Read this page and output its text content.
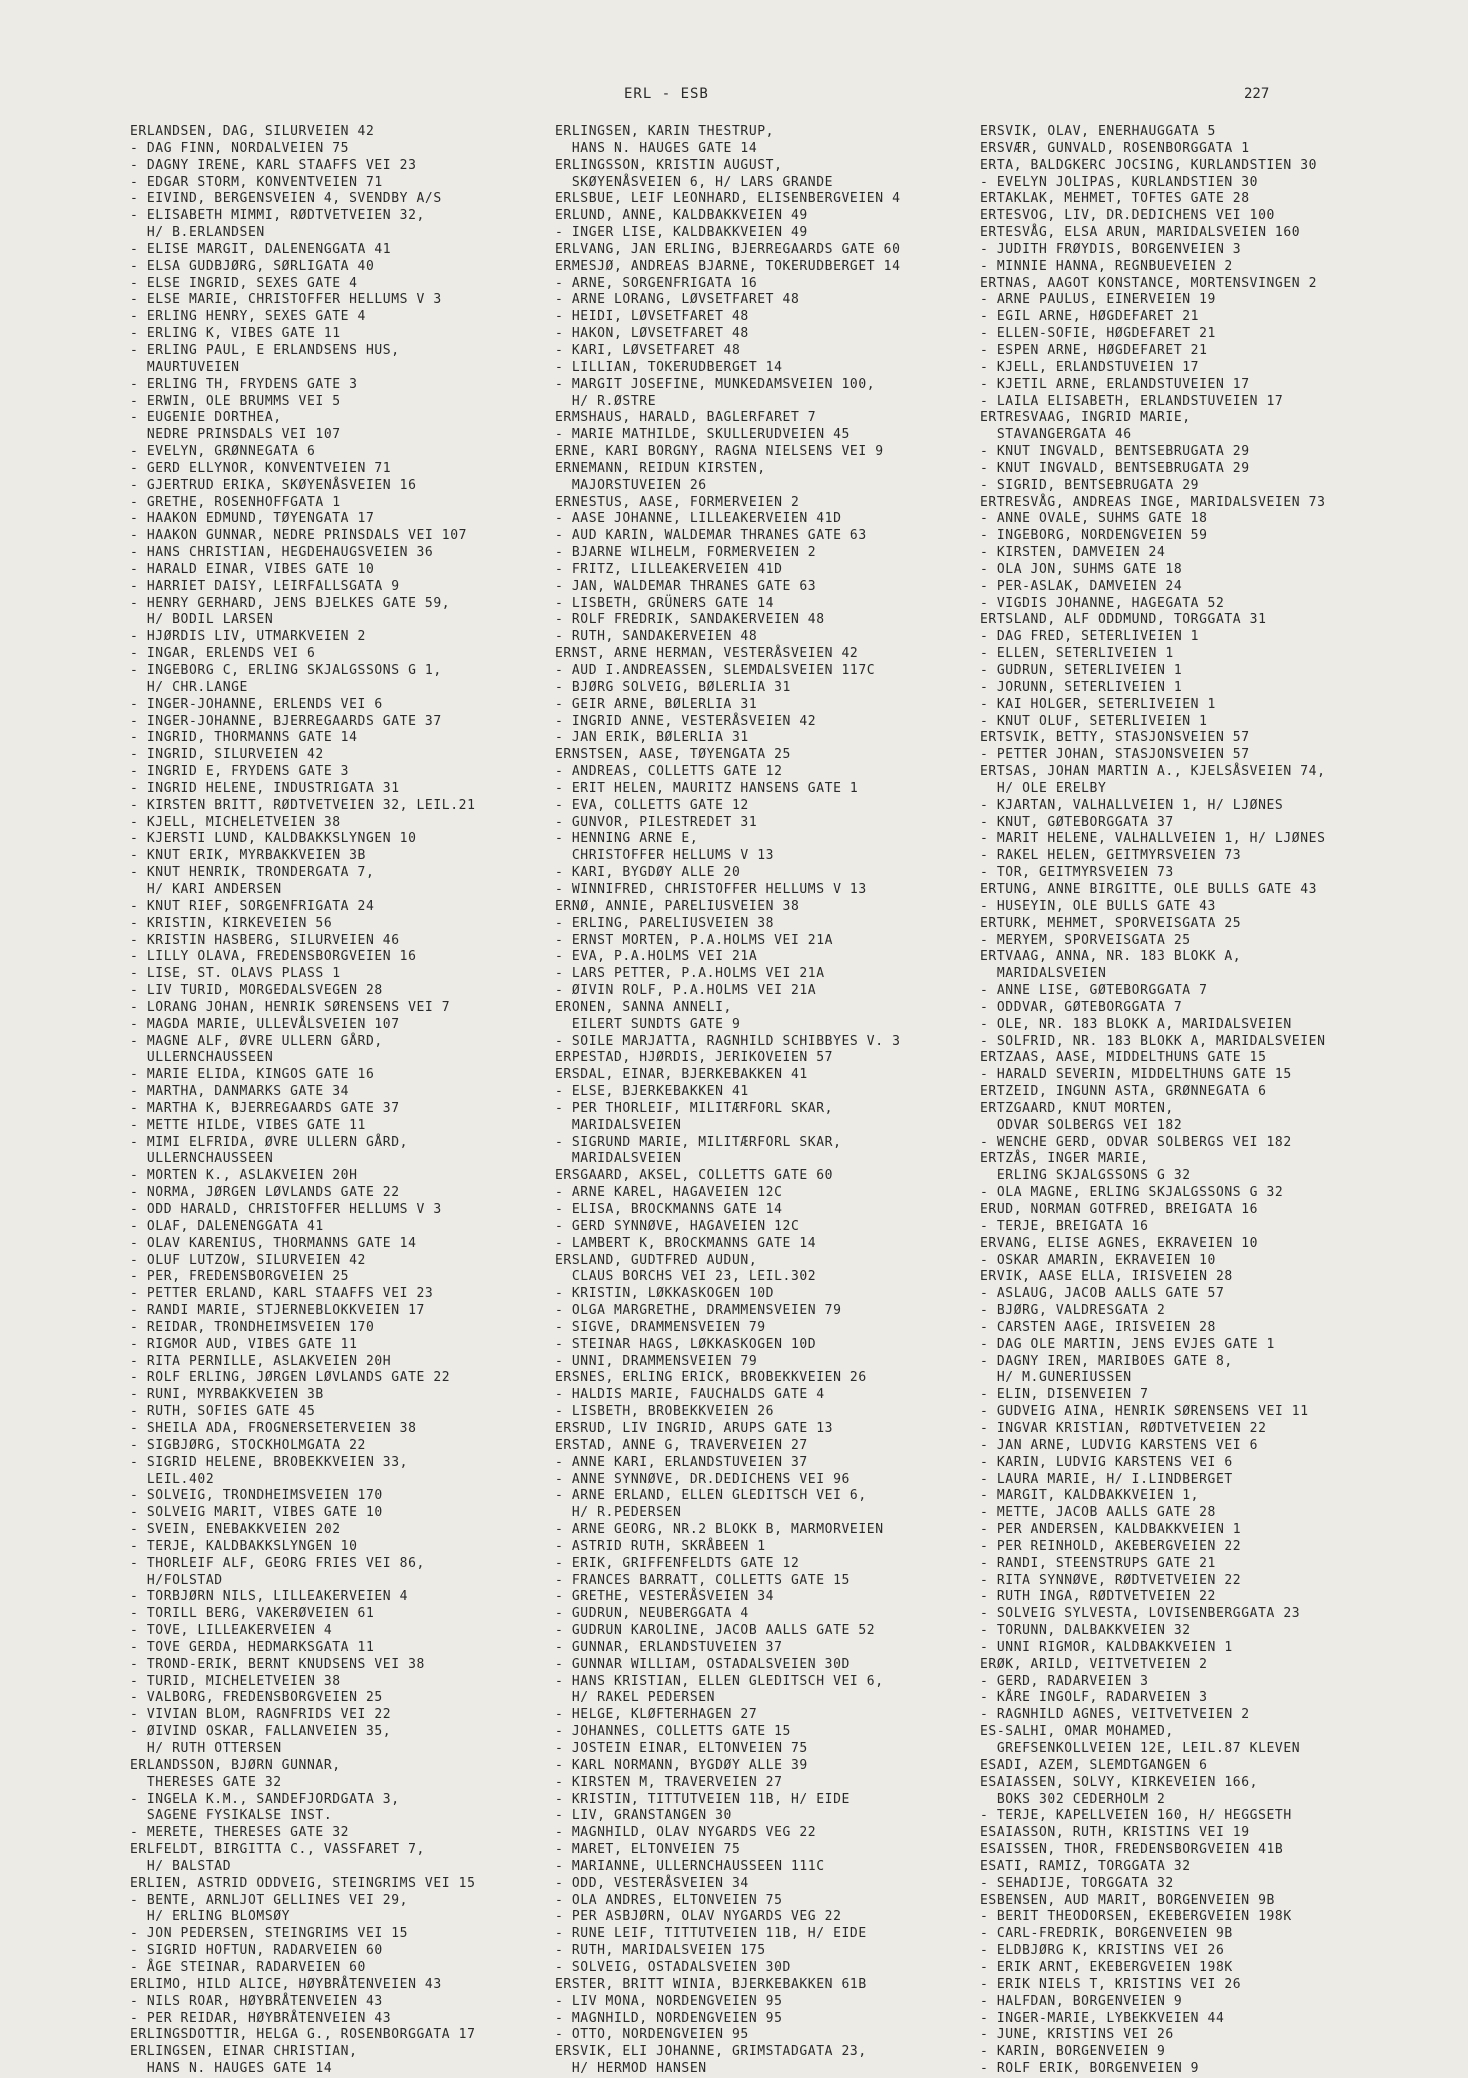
ERL - ESB	227
ERLANDSEN, DAG, SILURVEIEN 42
- DAG FINN, NORDALVEIEN 75
- DAGNY IRENE, KARL STAAFFS VEI 23
- EDGAR STORM, KONVENTVEIEN 71
- EIVIND, BERGENSVEIEN 4, SVENDBY A/S
- ELISABETH MIMMI, RØDTVETVEIEN 32,
H/ B.ERLANDSEN
- ELISE MARGIT, DALENENGGATA 41
- ELSA GUDBJØRG, SØRLIGATA 40
- ELSE INGRID, SEXES GATE 4
- ELSE MARIE, CHRISTOFFER HELLUMS V 3
- ERLING HENRY, SEXES GATE 4
- ERLING K, VIBES GATE 11
- ERLING PAUL, E ERLANDSENS HUS,
MAURTUVEIEN
- ERLING TH, FRYDENS GATE 3
- ERWIN, OLE BRUMMS VEI 5
- EUGENIE DORTHEA,
NEDRE PRINSDALS VEI 107
- EVELYN, GRØNNEGATA 6
- GERD ELLYNOR, KONVENTVEIEN 71
- GJERTRUD ERIKA, SKØYENÅSVEIEN 16
- GRETHE, ROSENHOFFGATA 1
- HAAKON EDMUND, TØYENGATA 17
- HAAKON GUNNAR, NEDRE PRINSDALS VEI 107
- HANS CHRISTIAN, HEGDEHAUGSVEIEN 36
- HARALD EINAR, VIBES GATE 10
- HARRIET DAISY, LEIRFALLSGATA 9
- HENRY GERHARD, JENS BJELKES GATE 59,
H/ BODIL LARSEN
- HJØRDIS LIV, UTMARKVEIEN 2
- INGAR, ERLENDS VEI 6
- INGEBORG C, ERLING SKJALGSSONS G 1,
H/ CHR.LANGE
- INGER-JOHANNE, ERLENDS VEI 6
- INGER-JOHANNE, BJERREGAARDS GATE 37
- INGRID, THORMANNS GATE 14
- INGRID, SILURVEIEN 42
- INGRID E, FRYDENS GATE 3
- INGRID HELENE, INDUSTRIGATA 31
- KIRSTEN BRITT, RØDTVETVEIEN 32, LEIL.21
- KJELL, MICHELETVEIEN 38
- KJERSTI LUND, KALDBAKKSLYNGEN 10
- KNUT ERIK, MYRBAKKVEIEN 3B
- KNUT HENRIK, TRONDERGATA 7,
H/ KARI ANDERSEN
- KNUT RIEF, SORGENFRIGATA 24
- KRISTIN, KIRKEVEIEN 56
- KRISTIN HASBERG, SILURVEIEN 46
- LILLY OLAVA, FREDENSBORGVEIEN 16
- LISE, ST. OLAVS PLASS 1
- LIV TURID, MORGEDALSVEGEN 28
- LORANG JOHAN, HENRIK SØRENSENS VEI 7
- MAGDA MARIE, ULLEVÅLSVEIEN 107
- MAGNE ALF, ØVRE ULLERN GÅRD,
ULLERNCHAUSSEEN
- MARIE ELIDA, KINGOS GATE 16
- MARTHA, DANMARKS GATE 34
- MARTHA K, BJERREGAARDS GATE 37
- METTE HILDE, VIBES GATE 11
- MIMI ELFRIDA, ØVRE ULLERN GÅRD,
ULLERNCHAUSSEEN
- MORTEN K., ASLAKVEIEN 20H
- NORMA, JØRGEN LØVLANDS GATE 22
- ODD HARALD, CHRISTOFFER HELLUMS V 3
- OLAF, DALENENGGATA 41
- OLAV KARENIUS, THORMANNS GATE 14
- OLUF LUTZOW, SILURVEIEN 42
- PER, FREDENSBORGVEIEN 25
- PETTER ERLAND, KARL STAAFFS VEI 23
- RANDI MARIE, STJERNEBLOKKVEIEN 17
- REIDAR, TRONDHEIMSVEIEN 170
- RIGMOR AUD, VIBES GATE 11
- RITA PERNILLE, ASLAKVEIEN 20H
- ROLF ERLING, JØRGEN LØVLANDS GATE 22
- RUNI, MYRBAKKVEIEN 3B
- RUTH, SOFIES GATE 45
- SHEILA ADA, FROGNERSETERVEIEN 38
- SIGBJØRG, STOCKHOLMGATA 22
- SIGRID HELENE, BROBEKKVEIEN 33,
LEIL.402
- SOLVEIG, TRONDHEIMSVEIEN 170
- SOLVEIG MARIT, VIBES GATE 10
- SVEIN, ENEBAKKVEIEN 202
- TERJE, KALDBAKKSLYNGEN 10
- THORLEIF ALF, GEORG FRIES VEI 86,
H/FOLSTAD
- TORBJØRN NILS, LILLEAKERVEIEN 4
- TORILL BERG, VAKERØVEIEN 61
- TOVE, LILLEAKERVEIEN 4
- TOVE GERDA, HEDMARKSGATA 11
- TROND-ERIK, BERNT KNUDSENS VEI 38
- TURID, MICHELETVEIEN 38
- VALBORG, FREDENSBORGVEIEN 25
- VIVIAN BLOM, RAGNFRIDS VEI 22
- ØIVIND OSKAR, FALLANVEIEN 35,
H/ RUTH OTTERSEN
ERLANDSSON, BJØRN GUNNAR,
THERESES GATE 32
- INGELA K.M., SANDEFJORDGATA 3,
SAGENE FYSIKALSE INST.
- MERETE, THERESES GATE 32
ERLFELDT, BIRGITTA C., VASSFARET 7,
H/ BALSTAD
ERLIEN, ASTRID ODDVEIG, STEINGRIMS VEI 15
- BENTE, ARNLJOT GELLINES VEI 29,
H/ ERLING BLOMSØY
- JON PEDERSEN, STEINGRIMS VEI 15
- SIGRID HOFTUN, RADARVEIEN 60
- ÅGE STEINAR, RADARVEIEN 60
ERLIMO, HILD ALICE, HØYBRÅTENVEIEN 43
- NILS ROAR, HØYBRÅTENVEIEN 43
- PER REIDAR, HØYBRÅTENVEIEN 43
ERLINGSDOTTIR, HELGA G., ROSENBORGGATA 17
ERLINGSEN, EINAR CHRISTIAN,
HANS N. HAUGES GATE 14
ERLINGSEN, KARIN THESTRUP,
HANS N. HAUGES GATE 14
ERLINGSSON, KRISTIN AUGUST,
SKØYENÅSVEIEN 6, H/ LARS GRANDE
ERLSBUE, LEIF LEONHARD, ELISENBERGVEIEN 4
ERLUND, ANNE, KALDBAKKVEIEN 49
- INGER LISE, KALDBAKKVEIEN 49
ERLVANG, JAN ERLING, BJERREGAARDS GATE 60
ERMESJØ, ANDREAS BJARNE, TOKERUDBERGET 14
- ARNE, SORGENFRIGATA 16
- ARNE LORANG, LØVSETFARET 48
- HEIDI, LØVSETFARET 48
- HAKON, LØVSETFARET 48
- KARI, LØVSETFARET 48
- LILLIAN, TOKERUDBERGET 14
- MARGIT JOSEFINE, MUNKEDAMSVEIEN 100,
H/ R.ØSTRE
ERMSHAUS, HARALD, BAGLERFARET 7
- MARIE MATHILDE, SKULLERUDVEIEN 45
ERNE, KARI BORGNY, RAGNA NIELSENS VEI 9
ERNEMANN, REIDUN KIRSTEN,
MAJORSTUVEIEN 26
ERNESTUS, AASE, FORMERVEIEN 2
- AASE JOHANNE, LILLEAKERVEIEN 41D
- AUD KARIN, WALDEMAR THRANES GATE 63
- BJARNE WILHELM, FORMERVEIEN 2
- FRITZ, LILLEAKERVEIEN 41D
- JAN, WALDEMAR THRANES GATE 63
- LISBETH, GRÜNERS GATE 14
- ROLF FREDRIK, SANDAKERVEIEN 48
- RUTH, SANDAKERVEIEN 48
ERNST, ARNE HERMAN, VESTERÅSVEIEN 42
- AUD I.ANDREASSEN, SLEMDALSVEIEN 117C
- BJØRG SOLVEIG, BØLERLIA 31
- GEIR ARNE, BØLERLIA 31
- INGRID ANNE, VESTERÅSVEIEN 42
- JAN ERIK, BØLERLIA 31
ERNSTSEN, AASE, TØYENGATA 25
- ANDREAS, COLLETTS GATE 12
- ERIT HELEN, MAURITZ HANSENS GATE 1
- EVA, COLLETTS GATE 12
- GUNVOR, PILESTREDET 31
- HENNING ARNE E,
CHRISTOFFER HELLUMS V 13
- KARI, BYGDØY ALLE 20
- WINNIFRED, CHRISTOFFER HELLUMS V 13
ERNØ, ANNIE, PARELIUSVEIEN 38
- ERLING, PARELIUSVEIEN 38
- ERNST MORTEN, P.A.HOLMS VEI 21A
- EVA, P.A.HOLMS VEI 21A
- LARS PETTER, P.A.HOLMS VEI 21A
- ØIVIN ROLF, P.A.HOLMS VEI 21A
ERONEN, SANNA ANNELI,
EILERT SUNDTS GATE 9
- SOILE MARJATTA, RAGNHILD SCHIBBYES V. 3
ERPESTAD, HJØRDIS, JERIKOVEIEN 57
ERSDAL, EINAR, BJERKEBAKKEN 41
- ELSE, BJERKEBAKKEN 41
- PER THORLEIF, MILITÆRFORL SKAR,
MARIDALSVEIEN
- SIGRUND MARIE, MILITÆRFORL SKAR,
MARIDALSVEIEN
ERSGAARD, AKSEL, COLLETTS GATE 60
- ARNE KAREL, HAGAVEIEN 12C
- ELISA, BROCKMANNS GATE 14
- GERD SYNNØVE, HAGAVEIEN 12C
- LAMBERT K, BROCKMANNS GATE 14
ERSLAND, GUDTFRED AUDUN,
CLAUS BORCHS VEI 23, LEIL.302
- KRISTIN, LØKKASKOGEN 10D
- OLGA MARGRETHE, DRAMMENSVEIEN 79
- SIGVE, DRAMMENSVEIEN 79
- STEINAR HAGS, LØKKASKOGEN 10D
- UNNI, DRAMMENSVEIEN 79
ERSNES, ERLING ERICK, BROBEKKVEIEN 26
- HALDIS MARIE, FAUCHALDS GATE 4
- LISBETH, BROBEKKVEIEN 26
ERSRUD, LIV INGRID, ARUPS GATE 13
ERSTAD, ANNE G, TRAVERVEIEN 27
- ANNE KARI, ERLANDSTUVEIEN 37
- ANNE SYNNØVE, DR.DEDICHENS VEI 96
- ARNE ERLAND, ELLEN GLEDITSCH VEI 6,
H/ R.PEDERSEN
- ARNE GEORG, NR.2 BLOKK B, MARMORVEIEN
- ASTRID RUTH, SKRÅBEEN 1
- ERIK, GRIFFENFELDTS GATE 12
- FRANCES BARRATT, COLLETTS GATE 15
- GRETHE, VESTERÅSVEIEN 34
- GUDRUN, NEUBERGGATA 4
- GUDRUN KAROLINE, JACOB AALLS GATE 52
- GUNNAR, ERLANDSTUVEIEN 37
- GUNNAR WILLIAM, OSTADALSVEIEN 30D
- HANS KRISTIAN, ELLEN GLEDITSCH VEI 6,
H/ RAKEL PEDERSEN
- HELGE, KLØFTERHAGEN 27
- JOHANNES, COLLETTS GATE 15
- JOSTEIN EINAR, ELTONVEIEN 75
- KARL NORMANN, BYGDØY ALLE 39
- KIRSTEN M, TRAVERVEIEN 27
- KRISTIN, TITTUTVEIEN 11B, H/ EIDE
- LIV, GRANSTANGEN 30
- MAGNHILD, OLAV NYGARDS VEG 22
- MARET, ELTONVEIEN 75
- MARIANNE, ULLERNCHAUSSEEN 111C
- ODD, VESTERÅSVEIEN 34
- OLA ANDRES, ELTONVEIEN 75
- PER ASBJØRN, OLAV NYGARDS VEG 22
- RUNE LEIF, TITTUTVEIEN 11B, H/ EIDE
- RUTH, MARIDALSVEIEN 175
- SOLVEIG, OSTADALSVEIEN 30D
ERSTER, BRITT WINIA, BJERKEBAKKEN 61B
- LIV MONA, NORDENGVEIEN 95
- MAGNHILD, NORDENGVEIEN 95
- OTTO, NORDENGVEIEN 95
ERSVIK, ELI JOHANNE, GRIMSTADGATA 23,
H/ HERMOD HANSEN
ERSVIK, OLAV, ENERHAUGGATA 5
ERSVÆR, GUNVALD, ROSENBORGGATA 1
ERTA, BALDGKERC JOCSING, KURLANDSTIEN 30
- EVELYN JOLIPAS, KURLANDSTIEN 30
ERTAKLAK, MEHMET, TOFTES GATE 28
ERTESVOG, LIV, DR.DEDICHENS VEI 100
ERTESVÅG, ELSA ARUN, MARIDALSVEIEN 160
- JUDITH FRØYDIS, BORGENVEIEN 3
- MINNIE HANNA, REGNBUEVEIEN 2
ERTNAS, AAGOT KONSTANCE, MORTENSVINGEN 2
- ARNE PAULUS, EINERVEIEN 19
- EGIL ARNE, HØGDEFARET 21
- ELLEN-SOFIE, HØGDEFARET 21
- ESPEN ARNE, HØGDEFARET 21
- KJELL, ERLANDSTUVEIEN 17
- KJETIL ARNE, ERLANDSTUVEIEN 17
- LAILA ELISABETH, ERLANDSTUVEIEN 17
ERTRESVAAG, INGRID MARIE,
STAVANGERGATA 46
- KNUT INGVALD, BENTSEBRUGATA 29
- KNUT INGVALD, BENTSEBRUGATA 29
- SIGRID, BENTSEBRUGATA 29
ERTRESVÅG, ANDREAS INGE, MARIDALSVEIEN 73
- ANNE OVALE, SUHMS GATE 18
- INGEBORG, NORDENGVEIEN 59
- KIRSTEN, DAMVEIEN 24
- OLA JON, SUHMS GATE 18
- PER-ASLAK, DAMVEIEN 24
- VIGDIS JOHANNE, HAGEGATA 52
ERTSLAND, ALF ODDMUND, TORGGATA 31
- DAG FRED, SETERLIVEIEN 1
- ELLEN, SETERLIVEIEN 1
- GUDRUN, SETERLIVEIEN 1
- JORUNN, SETERLIVEIEN 1
- KAI HOLGER, SETERLIVEIEN 1
- KNUT OLUF, SETERLIVEIEN 1
ERTSVIK, BETTY, STASJONSVEIEN 57
- PETTER JOHAN, STASJONSVEIEN 57
ERTSAS, JOHAN MARTIN A., KJELSÅSVEIEN 74,
H/ OLE ERELBY
- KJARTAN, VALHALLVEIEN 1, H/ LJØNES
- KNUT, GØTEBORGGATA 37
- MARIT HELENE, VALHALLVEIEN 1, H/ LJØNES
- RAKEL HELEN, GEITMYRSVEIEN 73
- TOR, GEITMYRSVEIEN 73
ERTUNG, ANNE BIRGITTE, OLE BULLS GATE 43
- HUSEYIN, OLE BULLS GATE 43
ERTURK, MEHMET, SPORVEISGATA 25
- MERYEM, SPORVEISGATA 25
ERTVAAG, ANNA, NR. 183 BLOKK A,
MARIDALSVEIEN
- ANNE LISE, GØTEBORGGATA 7
- ODDVAR, GØTEBORGGATA 7
- OLE, NR. 183 BLOKK A, MARIDALSVEIEN
- SOLFRID, NR. 183 BLOKK A, MARIDALSVEIEN
ERTZAAS, AASE, MIDDELTHUNS GATE 15
- HARALD SEVERIN, MIDDELTHUNS GATE 15
ERTZEID, INGUNN ASTA, GRØNNEGATA 6
ERTZGAARD, KNUT MORTEN,
ODVAR SOLBERGS VEI 182
- WENCHE GERD, ODVAR SOLBERGS VEI 182
ERTZÅS, INGER MARIE,
ERLING SKJALGSSONS G 32
- OLA MAGNE, ERLING SKJALGSSONS G 32
ERUD, NORMAN GOTFRED, BREIGATA 16
- TERJE, BREIGATA 16
ERVANG, ELISE AGNES, EKRAVEIEN 10
- OSKAR AMARIN, EKRAVEIEN 10
ERVIK, AASE ELLA, IRISVEIEN 28
- ASLAUG, JACOB AALLS GATE 57
- BJØRG, VALDRESGATA 2
- CARSTEN AAGE, IRISVEIEN 28
- DAG OLE MARTIN, JENS EVJES GATE 1
- DAGNY IREN, MARIBOES GATE 8,
H/ M.GUNERIUSSEN
- ELIN, DISENVEIEN 7
- GUDVEIG AINA, HENRIK SØRENSENS VEI 11
- INGVAR KRISTIAN, RØDTVETVEIEN 22
- JAN ARNE, LUDVIG KARSTENS VEI 6
- KARIN, LUDVIG KARSTENS VEI 6
- LAURA MARIE, H/ I.LINDBERGET
- MARGIT, KALDBAKKVEIEN 1,
- METTE, JACOB AALLS GATE 28
- PER ANDERSEN, KALDBAKKVEIEN 1
- PER REINHOLD, AKEBERGVEIEN 22
- RANDI, STEENSTRUPS GATE 21
- RITA SYNNØVE, RØDTVETVEIEN 22
- RUTH INGA, RØDTVETVEIEN 22
- SOLVEIG SYLVESTA, LOVISENBERGGATA 23
- TORUNN, DALBAKKVEIEN 32
- UNNI RIGMOR, KALDBAKKVEIEN 1
ERØK, ARILD, VEITVETVEIEN 2
- GERD, RADARVEIEN 3
- KÅRE INGOLF, RADARVEIEN 3
- RAGNHILD AGNES, VEITVETVEIEN 2
ES-SALHI, OMAR MOHAMED,
GREFSENKOLLVEIEN 12E, LEIL.87 KLEVEN
ESADI, AZEM, SLEMDTGANGEN 6
ESAIASSEN, SOLVY, KIRKEVEIEN 166,
BOKS 302 CEDERHOLM 2
- TERJE, KAPELLVEIEN 160, H/ HEGGSETH
ESAIASSON, RUTH, KRISTINS VEI 19
ESAISSEN, THOR, FREDENSBORGVEIEN 41B
ESATI, RAMIZ, TORGGATA 32
- SEHADIJE, TORGGATA 32
ESBENSEN, AUD MARIT, BORGENVEIEN 9B
- BERIT THEODORSEN, EKEBERGVEIEN 198K
- CARL-FREDRIK, BORGENVEIEN 9B
- ELDBJØRG K, KRISTINS VEI 26
- ERIK ARNT, EKEBERGVEIEN 198K
- ERIK NIELS T, KRISTINS VEI 26
- HALFDAN, BORGENVEIEN 9
- INGER-MARIE, LYBEKKVEIEN 44
- JUNE, KRISTINS VEI 26
- KARIN, BORGENVEIEN 9
- ROLF ERIK, BORGENVEIEN 9
